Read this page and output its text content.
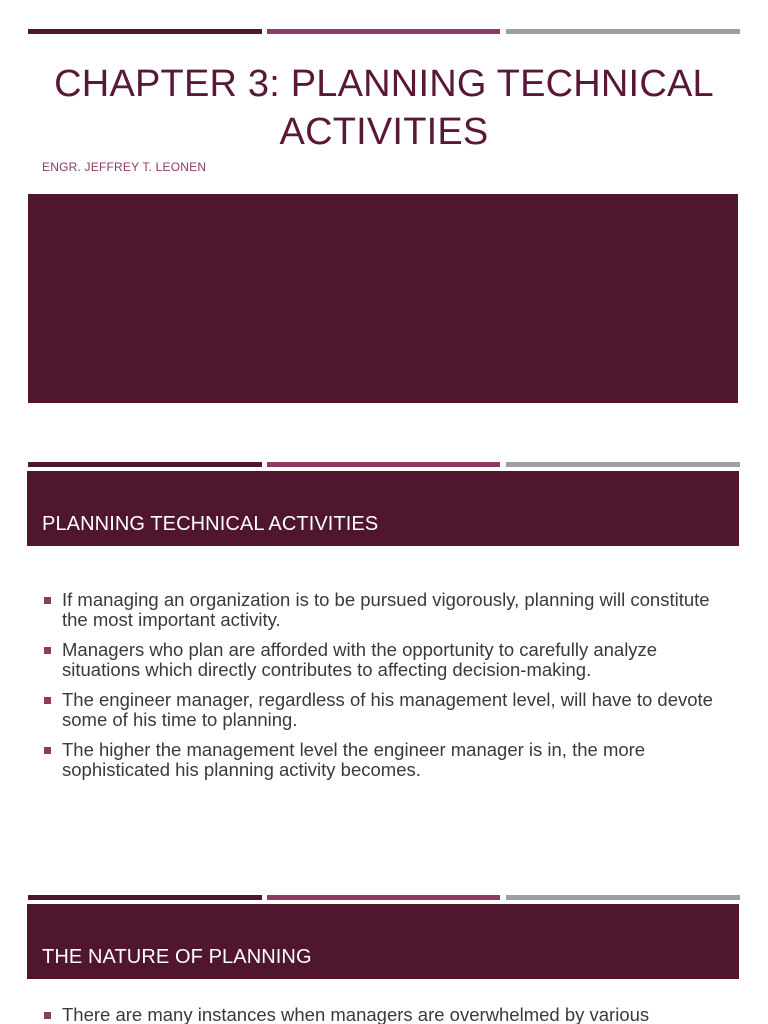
CHAPTER 3: PLANNING TECHNICAL ACTIVITIES
ENGR. JEFFREY T. LEONEN
PLANNING TECHNICAL ACTIVITIES
If managing an organization is to be pursued vigorously, planning will constitute the most important activity.
Managers who plan are afforded with the opportunity to carefully analyze situations which directly contributes to affecting decision-making.
The engineer manager, regardless of his management level, will have to devote some of his time to planning.
The higher the management level the engineer manager is in, the more sophisticated his planning activity becomes.
THE NATURE OF PLANNING
There are many instances when managers are overwhelmed by various
